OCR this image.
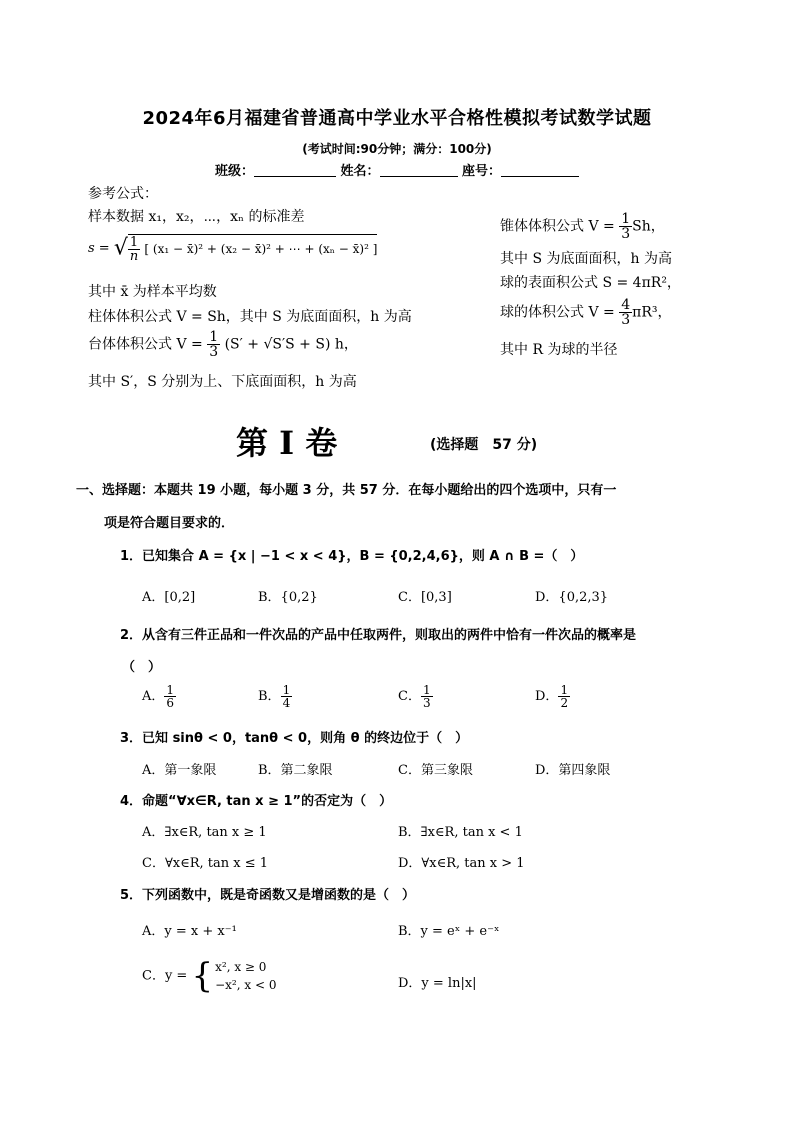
2024年6月福建省普通高中学业水平合格性模拟考试数学试题
(考试时间:90分钟；满分：100分)
班级：	姓名：	座号：
参考公式：
样本数据 x₁，x₂，⋯，xₙ 的标准差
s = √ $\frac{1}{n}$ [ (x₁ − x̄)² + (x₂ − x̄)² + ⋯ + (xₙ − x̄)² ]
其中 x̄ 为样本平均数
柱体体积公式 V = Sh，其中 S 为底面面积，h 为高
台体体积公式 $V = \frac{1}{3} (S' + √S'S + S)$ h，
其中 S′，S 分别为上、下底面面积，h 为高
锥体体积公式 $V = \frac{1}{3}$ Sh，
其中 S 为底面面积，h 为高
球的表面积公式 S = 4πR²，
球的体积公式 $V = \frac{4}{3} \pi R^3$，
其中 R 为球的半径
第 I 卷	(选择题　57 分)
一、选择题：本题共 19 小题，每小题 3 分，共 57 分．在每小题给出的四个选项中，只有一
项是符合题目要求的．
1．已知集合 A = {x | −1 < x < 4}，B = {0,2,4,6}，则 A ∩ B =（　）
A．[0,2]	B．{0,2}	C．[0,3]	D．{0,2,3}
2．从含有三件正品和一件次品的产品中任取两件，则取出的两件中恰有一件次品的概率是
（　）
A． $\frac{1}{6}$	B． $\frac{1}{4}$	C． $\frac{1}{3}$	D． $\frac{1}{2}$
3．已知 sinθ < 0，tanθ < 0，则角 θ 的终边位于（　）
A．第一象限	B．第二象限	C．第三象限	D．第四象限
4．命题“∀x∈R, tan x ≥ 1”的否定为（　）
A．∃x∈R, tan x ≥ 1	B．∃x∈R, tan x < 1
C．∀x∈R, tan x ≤ 1	D．∀x∈R, tan x > 1
5．下列函数中，既是奇函数又是增函数的是（　）
A．y = x + x⁻¹	B．y = eˣ + e⁻ˣ
C．y = { x², x ≥ 0
−x², x < 0	D．y = ln|x|
